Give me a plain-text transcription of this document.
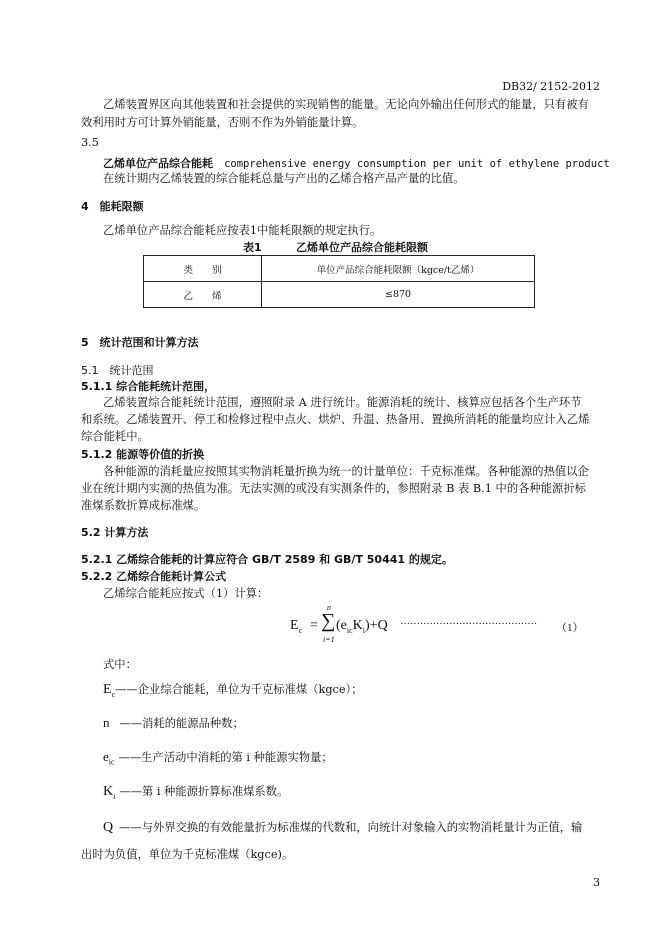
DB32/ 2152-2012
乙烯装置界区向其他装置和社会提供的实现销售的能量。无论向外输出任何形式的能量，只有被有
效利用时方可计算外销能量，否则不作为外销能量计算。
3.5
乙烯单位产品综合能耗 comprehensive energy consumption per unit of ethylene product
在统计期内乙烯装置的综合能耗总量与产出的乙烯合格产品产量的比值。
4　能耗限额
乙烯单位产品综合能耗应按表1中能耗限额的规定执行。
表1	乙烯单位产品综合能耗限额
类　　别	单位产品综合能耗限额（kgce/t乙烯）
乙　　烯	≤870
5　统计范围和计算方法
5.1　统计范围
5.1.1 综合能耗统计范围，
乙烯装置综合能耗统计范围，遵照附录 A 进行统计。能源消耗的统计、核算应包括各个生产环节
和系统。乙烯装置开、停工和检修过程中点火、烘炉、升温、热备用、置换所消耗的能量均应计入乙烯
综合能耗中。
5.1.2 能源等价值的折换
各种能源的消耗量应按照其实物消耗量折换为统一的计量单位：千克标准煤。各种能源的热值以企
业在统计期内实测的热值为准。无法实测的或没有实测条件的，参照附录 B 表 B.1 中的各种能源折标
准煤系数折算成标准煤。
5.2 计算方法
5.2.1 乙烯综合能耗的计算应符合 GB/T 2589 和 GB/T 50441 的规定。
5.2.2 乙烯综合能耗计算公式
乙烯综合能耗应按式（1）计算：
$E_c$ =
n
∑
i=1
$(e_{ic}K_i)+Q$ ·········································· （1）
式中：
$E_c——$企业综合能耗，单位为千克标准煤（kgce）；
n ——消耗的能源品种数；
$e_{ic}$ ——生产活动中消耗的第 i 种能源实物量；
$K_i$ ——第 i 种能源折算标准煤系数。
Q ——与外界交换的有效能量折为标准煤的代数和，向统计对象输入的实物消耗量计为正值，输
出时为负值，单位为千克标准煤（kgce)。
3
